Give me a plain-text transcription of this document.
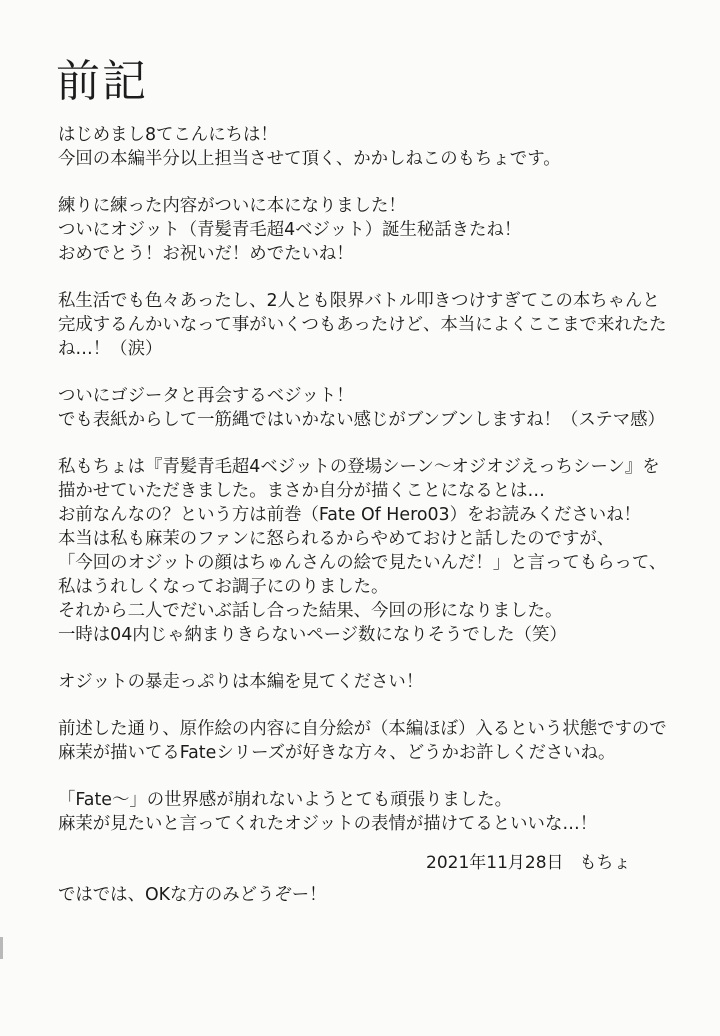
前記
はじめまし8てこんにちは！
今回の本編半分以上担当させて頂く、かかしねこのもちょです。
練りに練った内容がついに本になりました！
ついにオジット（青髪青毛超4ベジット）誕生秘話きたね！
おめでとう！お祝いだ！めでたいね！
私生活でも色々あったし、2人とも限界バトル叩きつけすぎてこの本ちゃんと
完成するんかいなって事がいくつもあったけど、本当によくここまで来れたた
ね…！（涙）
ついにゴジータと再会するベジット！
でも表紙からして一筋縄ではいかない感じがブンブンしますね！（ステマ感）
私もちょは『青髪青毛超4ベジットの登場シーン〜オジオジえっちシーン』を
描かせていただきました。まさか自分が描くことになるとは…
お前なんなの？という方は前巻（Fate Of Hero03）をお読みくださいね！
本当は私も麻茉のファンに怒られるからやめておけと話したのですが、
「今回のオジットの顔はちゅんさんの絵で見たいんだ！」と言ってもらって、
私はうれしくなってお調子にのりました。
それから二人でだいぶ話し合った結果、今回の形になりました。
一時は04内じゃ納まりきらないページ数になりそうでした（笑）
オジットの暴走っぷりは本編を見てください！
前述した通り、原作絵の内容に自分絵が（本編ほぼ）入るという状態ですので
麻茉が描いてるFateシリーズが好きな方々、どうかお許しくださいね。
「Fate〜」の世界感が崩れないようとても頑張りました。
麻茉が見たいと言ってくれたオジットの表情が描けてるといいな…！
ではでは、OKな方のみどうぞー！
2021年11月28日 もちょ
